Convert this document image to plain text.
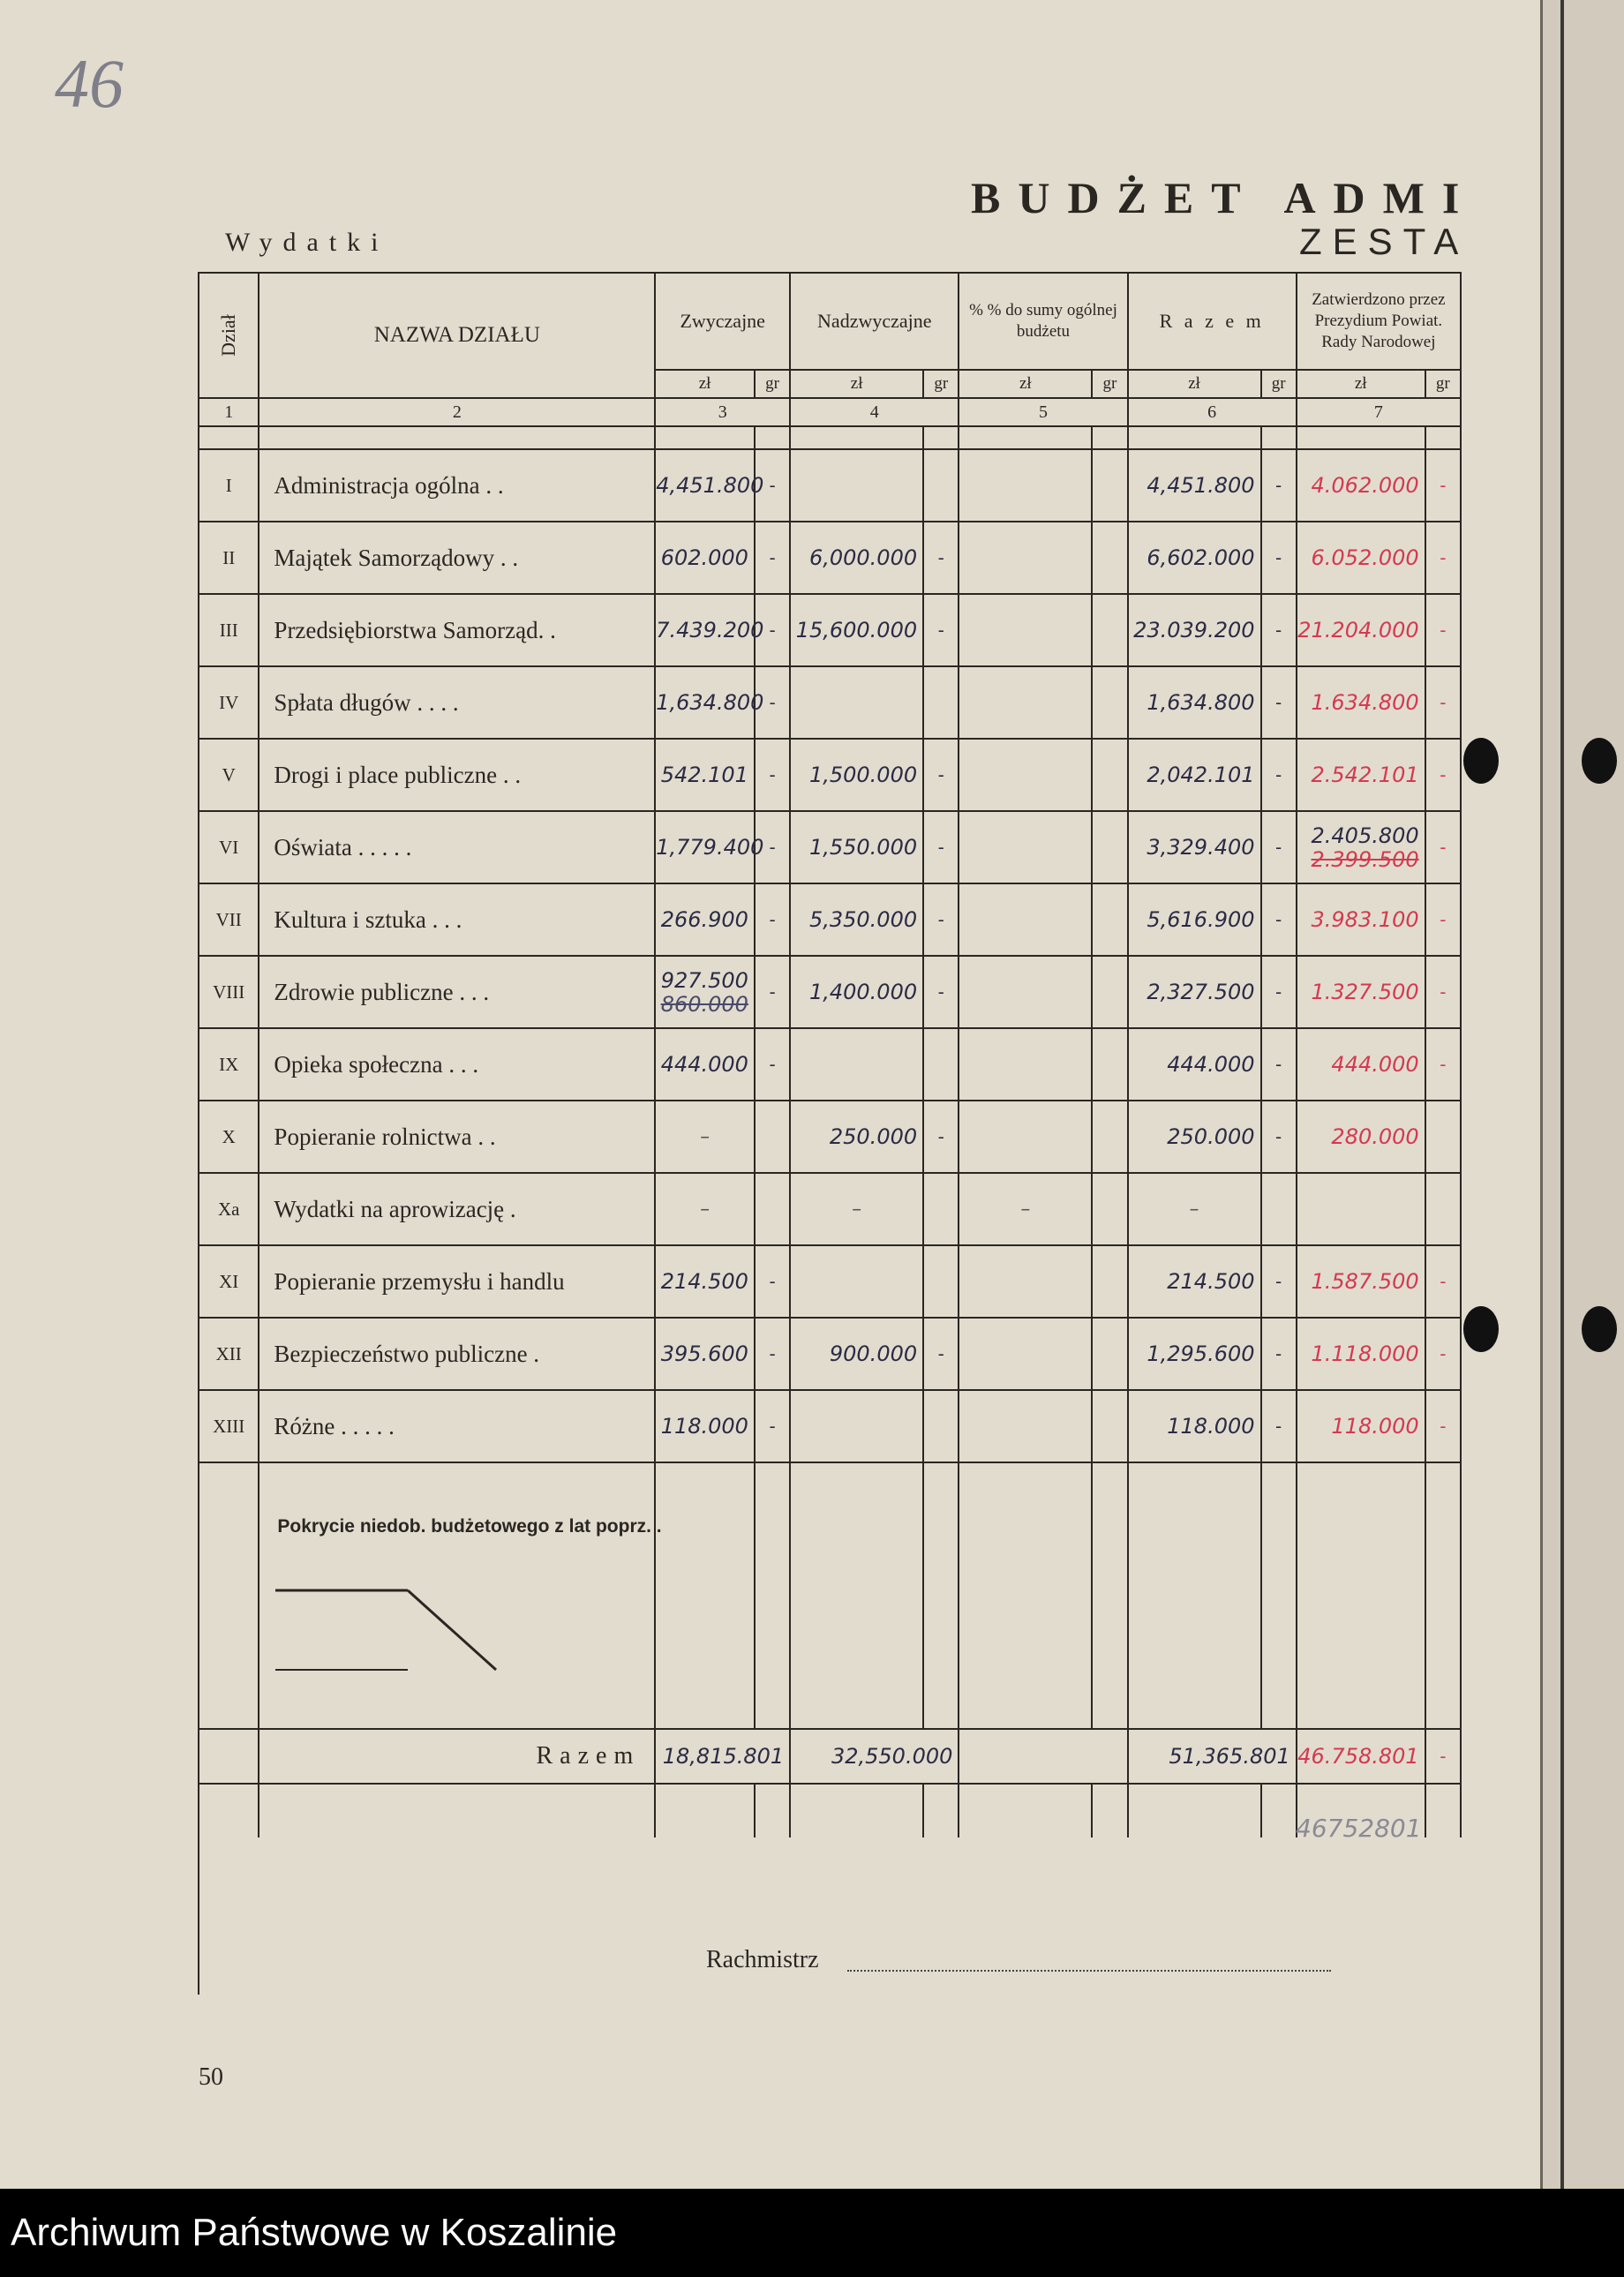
46
BUDŻET ADMI
ZESTA
Wydatki
Dział	NAZWA DZIAŁU	Zwyczajne		Nadzwyczajne		% % do sumy ogólnej budżetu		R a z e m		Zatwierdzono przez Prezydium Powiat. Rady Narodowej	
		zł	gr	zł	gr	zł	gr	zł	gr	zł	gr
1	2	3		4		5		6		7	

I	Administracja ogólna . .	4,451.800	-					4,451.800	-	4.062.000	-
II	Majątek Samorządowy . .	602.000	-	6,000.000	-			6,602.000	-	6.052.000	-
III	Przedsiębiorstwa Samorząd. .	7.439.200	-	15,600.000	-			23.039.200	-	21.204.000	-
IV	Spłata długów . . . .	1,634.800	-					1,634.800	-	1.634.800	-
V	Drogi i place publiczne . .	542.101	-	1,500.000	-			2,042.101	-	2.542.101	-
VI	Oświata . . . . .	1,779.400	-	1,550.000	-			3,329.400	-	2.405.800
2.399.500	-
VII	Kultura i sztuka . . .	266.900	-	5,350.000	-			5,616.900	-	3.983.100	-
VIII	Zdrowie publiczne . . .	927.500
860.000	-	1,400.000	-			2,327.500	-	1.327.500	-
IX	Opieka społeczna . . .	444.000	-					444.000	-	444.000	-
X	Popieranie rolnictwa . .	–		250.000	-			250.000	-	280.000	
Xa	Wydatki na aprowizację .	–		–		–		–			
XI	Popieranie przemysłu i handlu	214.500	-					214.500	-	1.587.500	-
XII	Bezpieczeństwo publiczne .	395.600	-	900.000	-			1,295.600	-	1.118.000	-
XIII	Różne . . . . .	118.000	-					118.000	-	118.000	-

	Pokrycie niedob. budżetowego z lat poprz. .										

	Razem	18,815.801		32,550.000				51,365.801		46.758.801	-

46752801
Rachmistrz
50
Archiwum Państwowe w Koszalinie
